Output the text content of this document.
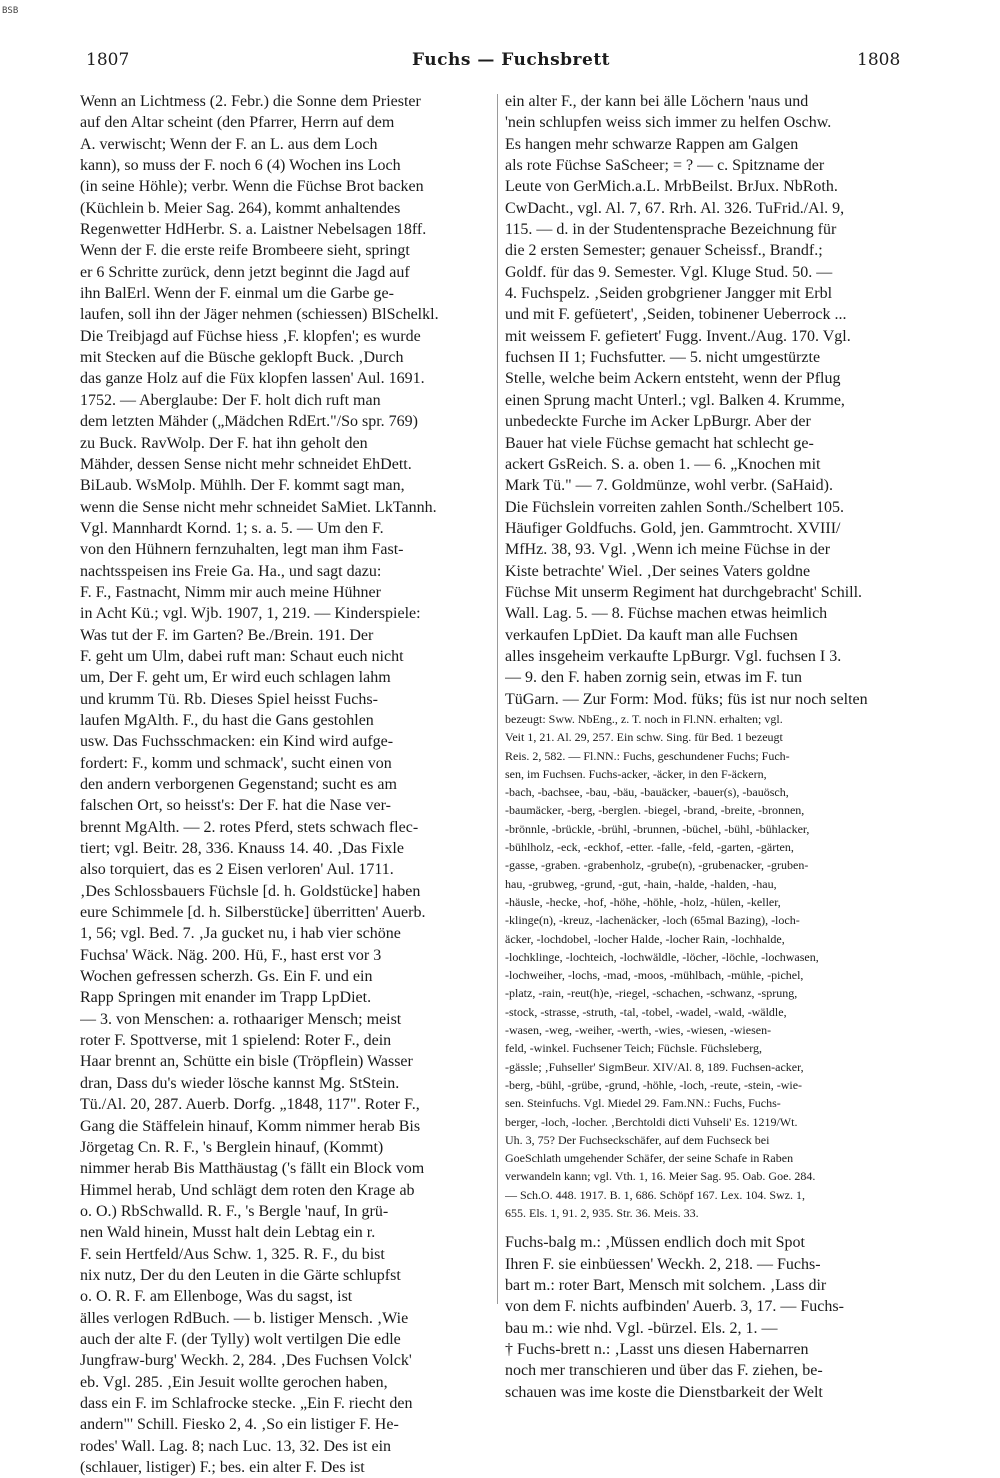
BSB
1807	Fuchs — Fuchsbrett	1808
Wenn an Lichtmess (2. Febr.) die Sonne dem Priester
auf den Altar scheint (den Pfarrer, Herrn auf dem
A. verwischt; Wenn der F. an L. aus dem Loch
kann), so muss der F. noch 6 (4) Wochen ins Loch
(in seine Höhle); verbr. Wenn die Füchse Brot backen
(Küchlein b. Meier Sag. 264), kommt anhaltendes
Regenwetter HdHerbr. S. a. Laistner Nebelsagen 18ff.
Wenn der F. die erste reife Brombeere sieht, springt
er 6 Schritte zurück, denn jetzt beginnt die Jagd auf
ihn BalErl. Wenn der F. einmal um die Garbe ge-
laufen, soll ihn der Jäger nehmen (schiessen) BlSchelkl.
Die Treibjagd auf Füchse hiess ‚F. klopfen'; es wurde
mit Stecken auf die Büsche geklopft Buck. ‚Durch
das ganze Holz auf die Füx klopfen lassen' Aul. 1691.
1752. — Aberglaube: Der F. holt dich ruft man
dem letzten Mähder („Mädchen RdErt."/So spr. 769)
zu Buck. RavWolp. Der F. hat ihn geholt den
Mähder, dessen Sense nicht mehr schneidet EhDett.
BiLaub. WsMolp. Mühlh. Der F. kommt sagt man,
wenn die Sense nicht mehr schneidet SaMiet. LkTannh.
Vgl. Mannhardt Kornd. 1; s. a. 5. — Um den F.
von den Hühnern fernzuhalten, legt man ihm Fast-
nachtsspeisen ins Freie Ga. Ha., und sagt dazu:
F. F., Fastnacht, Nimm mir auch meine Hühner
in Acht Kü.; vgl. Wjb. 1907, 1, 219. — Kinderspiele:
Was tut der F. im Garten? Be./Brein. 191. Der
F. geht um Ulm, dabei ruft man: Schaut euch nicht
um, Der F. geht um, Er wird euch schlagen lahm
und krumm Tü. Rb. Dieses Spiel heisst Fuchs-
laufen MgAlth. F., du hast die Gans gestohlen
usw. Das Fuchsschmacken: ein Kind wird aufge-
fordert: F., komm und schmack', sucht einen von
den andern verborgenen Gegenstand; sucht es am
falschen Ort, so heisst's: Der F. hat die Nase ver-
brennt MgAlth. — 2. rotes Pferd, stets schwach flec-
tiert; vgl. Beitr. 28, 336. Knauss 14. 40. ‚Das Fixle
also torquiert, das es 2 Eisen verloren' Aul. 1711.
‚Des Schlossbauers Füchsle [d. h. Goldstücke] haben
eure Schimmele [d. h. Silberstücke] überritten' Auerb.
1, 56; vgl. Bed. 7. ‚Ja gucket nu, i hab vier schöne
Fuchsa' Wäck. Näg. 200. Hü, F., hast erst vor 3
Wochen gefressen scherzh. Gs. Ein F. und ein
Rapp Springen mit enander im Trapp LpDiet.
— 3. von Menschen: a. rothaariger Mensch; meist
roter F. Spottverse, mit 1 spielend: Roter F., dein
Haar brennt an, Schütte ein bisle (Tröpflein) Wasser
dran, Dass du's wieder lösche kannst Mg. StStein.
Tü./Al. 20, 287. Auerb. Dorfg. „1848, 117". Roter F.,
Gang die Stäffelein hinauf, Komm nimmer herab Bis
Jörgetag Cn. R. F., 's Berglein hinauf, (Kommt)
nimmer herab Bis Matthäustag ('s fällt ein Block vom
Himmel herab, Und schlägt dem roten den Krage ab
o. O.) RbSchwalld. R. F., 's Bergle 'nauf, In grü-
nen Wald hinein, Musst halt dein Lebtag ein r.
F. sein Hertfeld/Aus Schw. 1, 325. R. F., du bist
nix nutz, Der du den Leuten in die Gärte schlupfst
o. O. R. F. am Ellenboge, Was du sagst, ist
älles verlogen RdBuch. — b. listiger Mensch. ‚Wie
auch der alte F. (der Tylly) wolt vertilgen Die edle
Jungfraw-burg' Weckh. 2, 284. ‚Des Fuchsen Volck'
eb. Vgl. 285. ‚Ein Jesuit wollte gerochen haben,
dass ein F. im Schlafrocke stecke. „Ein F. riecht den
andern"' Schill. Fiesko 2, 4. ‚So ein listiger F. He-
rodes' Wall. Lag. 8; nach Luc. 13, 32. Des ist ein
(schlauer, listiger) F.; bes. ein alter F. Des ist
ein alter F., der kann bei älle Löchern 'naus und
'nein schlupfen weiss sich immer zu helfen Oschw.
Es hangen mehr schwarze Rappen am Galgen
als rote Füchse SaScheer; = ? — c. Spitzname der
Leute von GerMich.a.L. MrbBeilst. BrJux. NbRoth.
CwDacht., vgl. Al. 7, 67. Rrh. Al. 326. TuFrid./Al. 9,
115. — d. in der Studentensprache Bezeichnung für
die 2 ersten Semester; genauer Scheissf., Brandf.;
Goldf. für das 9. Semester. Vgl. Kluge Stud. 50. —
4. Fuchspelz. ‚Seiden grobgriener Jangger mit Erbl
und mit F. gefüetert', ‚Seiden, tobinener Ueberrock ...
mit weissem F. gefietert' Fugg. Invent./Aug. 170. Vgl.
fuchsen II 1; Fuchsfutter. — 5. nicht umgestürzte
Stelle, welche beim Ackern entsteht, wenn der Pflug
einen Sprung macht Unterl.; vgl. Balken 4. Krumme,
unbedeckte Furche im Acker LpBurgr. Aber der
Bauer hat viele Füchse gemacht hat schlecht ge-
ackert GsReich. S. a. oben 1. — 6. „Knochen mit
Mark Tü." — 7. Goldmünze, wohl verbr. (SaHaid).
Die Füchslein vorreiten zahlen Sonth./Schelbert 105.
Häufiger Goldfuchs. Gold, jen. Gammtrocht. XVIII/
MfHz. 38, 93. Vgl. ‚Wenn ich meine Füchse in der
Kiste betrachte' Wiel. ‚Der seines Vaters goldne
Füchse Mit unserm Regiment hat durchgebracht' Schill.
Wall. Lag. 5. — 8. Füchse machen etwas heimlich
verkaufen LpDiet. Da kauft man alle Fuchsen
alles insgeheim verkaufte LpBurgr. Vgl. fuchsen I 3.
— 9. den F. haben zornig sein, etwas im F. tun
TüGarn. — Zur Form: Mod. füks; füs ist nur noch selten
bezeugt: Sww. NbEng., z. T. noch in Fl.NN. erhalten; vgl.
Veit 1, 21. Al. 29, 257. Ein schw. Sing. für Bed. 1 bezeugt
Reis. 2, 582. — Fl.NN.: Fuchs, geschundener Fuchs; Fuch-
sen, im Fuchsen. Fuchs-acker, -äcker, in den F-äckern,
-bach, -bachsee, -bau, -bäu, -bauäcker, -bauer(s), -bauösch,
-baumäcker, -berg, -berglen. -biegel, -brand, -breite, -bronnen,
-brönnle, -brückle, -brühl, -brunnen, -büchel, -bühl, -bühlacker,
-bühlholz, -eck, -eckhof, -etter. -falle, -feld, -garten, -gärten,
-gasse, -graben. -grabenholz, -grube(n), -grubenacker, -gruben-
hau, -grubweg, -grund, -gut, -hain, -halde, -halden, -hau,
-häusle, -hecke, -hof, -höhe, -höhle, -holz, -hülen, -keller,
-klinge(n), -kreuz, -lachenäcker, -loch (65mal Bazing), -loch-
äcker, -lochdobel, -locher Halde, -locher Rain, -lochhalde,
-lochklinge, -lochteich, -lochwäldle, -löcher, -löchle, -lochwasen,
-lochweiher, -lochs, -mad, -moos, -mühlbach, -mühle, -pichel,
-platz, -rain, -reut(h)e, -riegel, -schachen, -schwanz, -sprung,
-stock, -strasse, -struth, -tal, -tobel, -wadel, -wald, -wäldle,
-wasen, -weg, -weiher, -werth, -wies, -wiesen, -wiesen-
feld, -winkel. Fuchsener Teich; Füchsle. Füchsleberg,
-gässle; ‚Fuhseller' SigmBeur. XIV/Al. 8, 189. Fuchsen-acker,
-berg, -bühl, -grübe, -grund, -höhle, -loch, -reute, -stein, -wie-
sen. Steinfuchs. Vgl. Miedel 29. Fam.NN.: Fuchs, Fuchs-
berger, -loch, -locher. ‚Berchtoldi dicti Vuhseli' Es. 1219/Wt.
Uh. 3, 75? Der Fuchseckschäfer, auf dem Fuchseck bei
GoeSchlath umgehender Schäfer, der seine Schafe in Raben
verwandeln kann; vgl. Vth. 1, 16. Meier Sag. 95. Oab. Goe. 284.
— Sch.O. 448. 1917. B. 1, 686. Schöpf 167. Lex. 104. Swz. 1,
655. Els. 1, 91. 2, 935. Str. 36. Meis. 33.
Fuchs-balg m.: ‚Müssen endlich doch mit Spot
Ihren F. sie einbüessen' Weckh. 2, 218. — Fuchs-
bart m.: roter Bart, Mensch mit solchem. ‚Lass dir
von dem F. nichts aufbinden' Auerb. 3, 17. — Fuchs-
bau m.: wie nhd. Vgl. -bürzel. Els. 2, 1. —
† Fuchs-brett n.: ‚Lasst uns diesen Habernarren
noch mer transchieren und über das F. ziehen, be-
schauen was ime koste die Dienstbarkeit der Welt
